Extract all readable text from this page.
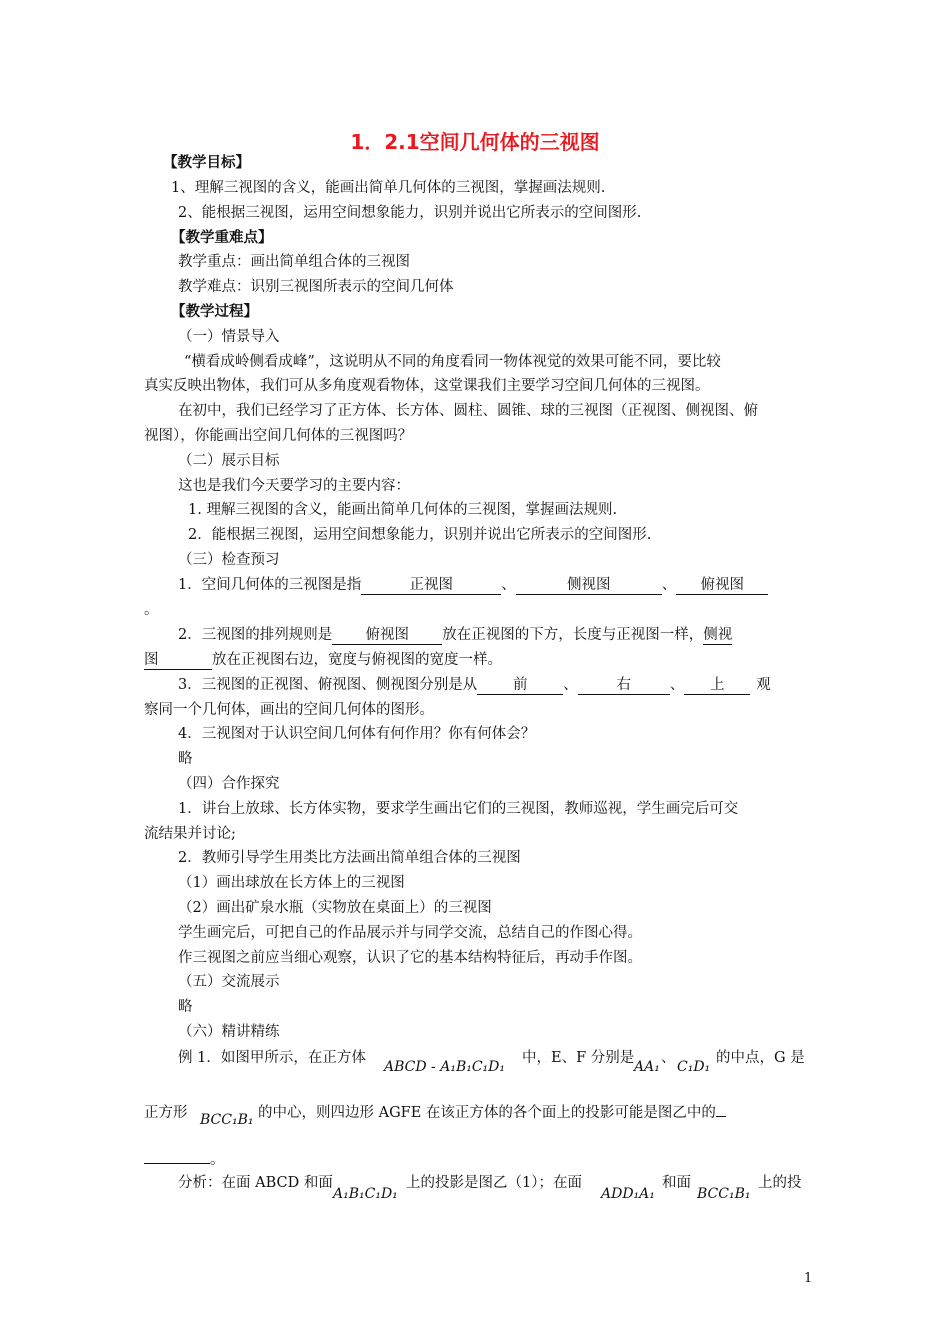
1．2.1空间几何体的三视图
【教学目标】
1、理解三视图的含义，能画出简单几何体的三视图，掌握画法规则.
2、能根据三视图，运用空间想象能力，识别并说出它所表示的空间图形.
【教学重难点】
教学重点：画出简单组合体的三视图
教学难点：识别三视图所表示的空间几何体
【教学过程】
（一）情景导入
“横看成岭侧看成峰”，这说明从不同的角度看同一物体视觉的效果可能不同，要比较
真实反映出物体，我们可从多角度观看物体，这堂课我们主要学习空间几何体的三视图。
在初中，我们已经学习了正方体、长方体、圆柱、圆锥、球的三视图（正视图、侧视图、俯
视图），你能画出空间几何体的三视图吗？
（二）展示目标
这也是我们今天要学习的主要内容：
1. 理解三视图的含义，能画出简单几何体的三视图，掌握画法规则.
2．能根据三视图，运用空间想象能力，识别并说出它所表示的空间图形.
（三）检查预习
1．空间几何体的三视图是指	正视图	、	侧视图	、 俯视图
。
2．三视图的排列规则是 俯视图 放在正视图的下方，长度与正视图一样，侧视
图	放在正视图右边，宽度与俯视图的宽度一样。
3．三视图的正视图、俯视图、侧视图分别是从 前 、	右	、 上 观
察同一个几何体，画出的空间几何体的图形。
4．三视图对于认识空间几何体有何作用？你有何体会？
略
（四）合作探究
1．讲台上放球、长方体实物，要求学生画出它们的三视图，教师巡视，学生画完后可交
流结果并讨论;
2．教师引导学生用类比方法画出简单组合体的三视图
（1）画出球放在长方体上的三视图
（2）画出矿泉水瓶（实物放在桌面上）的三视图
学生画完后，可把自己的作品展示并与同学交流，总结自己的作图心得。
作三视图之前应当细心观察，认识了它的基本结构特征后，再动手作图。
（五）交流展示
略
（六）精讲精练
例 1．如图甲所示，在正方体
ABCD - A₁B₁C₁D₁
中，E、F 分别是
AA₁
、
C₁D₁
的中点，G 是
正方形 BCC₁B₁ 的中心，则四边形 AGFE 在该正方体的各个面上的投影可能是图乙中的
。
分析：在面 ABCD 和面
A₁B₁C₁D₁
上的投影是图乙（1）；在面
ADD₁A₁
和面
BCC₁B₁
上的投
1
